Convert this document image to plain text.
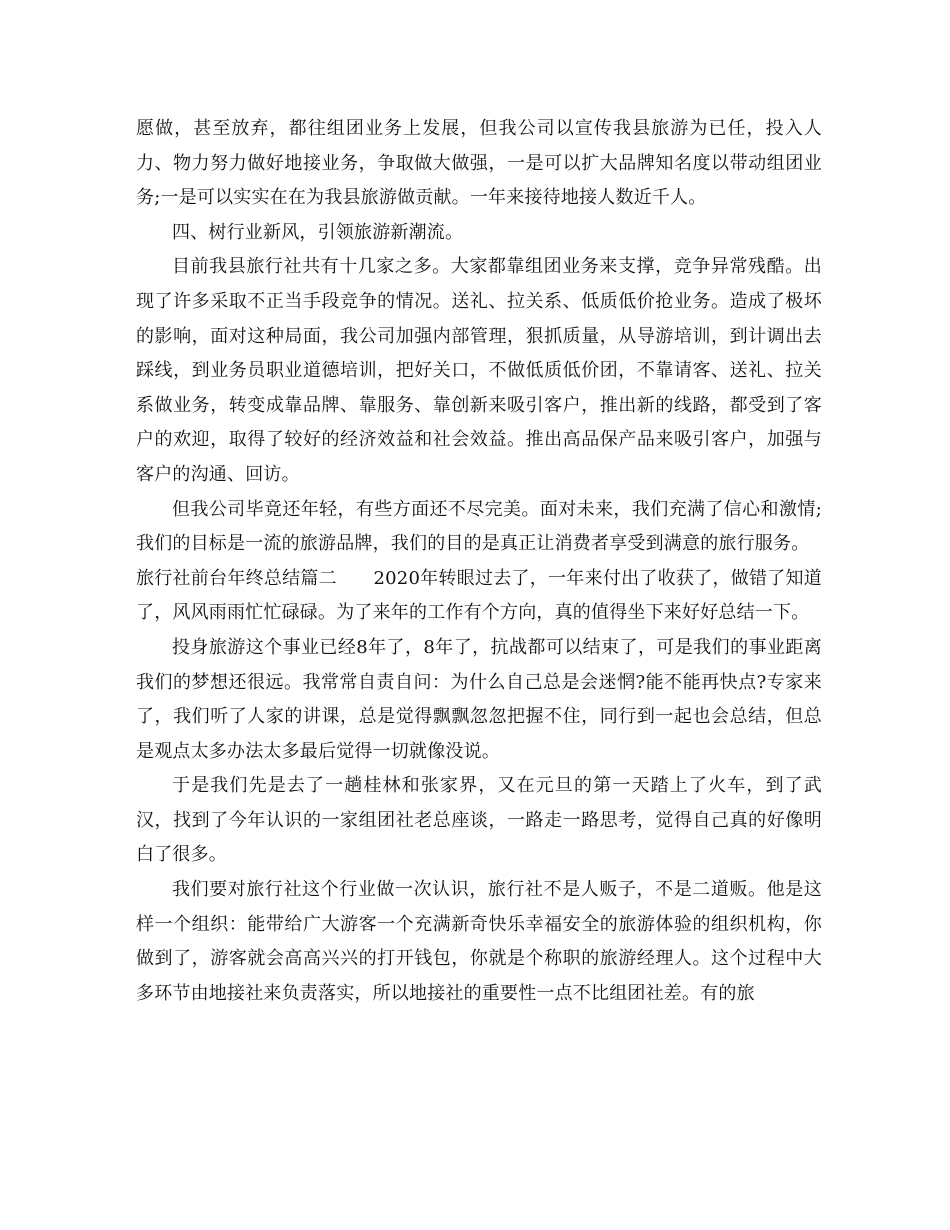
愿做，甚至放弃，都往组团业务上发展，但我公司以宣传我县旅游为已任，投入人力、物力努力做好地接业务，争取做大做强，一是可以扩大品牌知名度以带动组团业务;一是可以实实在在为我县旅游做贡献。一年来接待地接人数近千人。

四、树行业新风，引领旅游新潮流。

目前我县旅行社共有十几家之多。大家都靠组团业务来支撑，竞争异常残酷。出现了许多采取不正当手段竞争的情况。送礼、拉关系、低质低价抢业务。造成了极坏的影响，面对这种局面，我公司加强内部管理，狠抓质量，从导游培训，到计调出去踩线，到业务员职业道德培训，把好关口，不做低质低价团，不靠请客、送礼、拉关系做业务，转变成靠品牌、靠服务、靠创新来吸引客户，推出新的线路，都受到了客户的欢迎，取得了较好的经济效益和社会效益。推出高品保产品来吸引客户，加强与客户的沟通、回访。

但我公司毕竟还年轻，有些方面还不尽完美。面对未来，我们充满了信心和激情;我们的目标是一流的旅游品牌，我们的目的是真正让消费者享受到满意的旅行服务。

旅行社前台年终总结篇二　　2020年转眼过去了，一年来付出了收获了，做错了知道了，风风雨雨忙忙碌碌。为了来年的工作有个方向，真的值得坐下来好好总结一下。

投身旅游这个事业已经8年了，8年了，抗战都可以结束了，可是我们的事业距离我们的梦想还很远。我常常自责自问：为什么自己总是会迷惘?能不能再快点?专家来了，我们听了人家的讲课，总是觉得飘飘忽忽把握不住，同行到一起也会总结，但总是观点太多办法太多最后觉得一切就像没说。

于是我们先是去了一趟桂林和张家界，又在元旦的第一天踏上了火车，到了武汉，找到了今年认识的一家组团社老总座谈，一路走一路思考，觉得自己真的好像明白了很多。

我们要对旅行社这个行业做一次认识，旅行社不是人贩子，不是二道贩。他是这样一个组织：能带给广大游客一个充满新奇快乐幸福安全的旅游体验的组织机构，你做到了，游客就会高高兴兴的打开钱包，你就是个称职的旅游经理人。这个过程中大多环节由地接社来负责落实，所以地接社的重要性一点不比组团社差。有的旅
